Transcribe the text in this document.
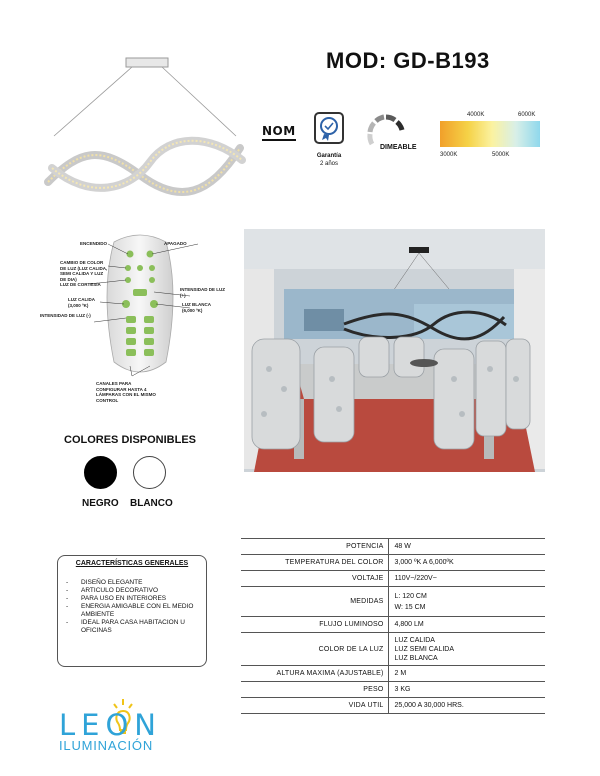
MOD: GD-B193
NOM
Garantía
2 años
DIMEABLE
4000K	6000K
3000K	5000K
ENCENDIDO	APAGADO
CAMBIO DE COLOR DE LUZ (LUZ CALIDA, SEMI CALIDA Y LUZ DE DIA)
LUZ DE CORTESÍA
INTENSIDAD DE LUZ (+)
LUZ CALIDA (3,000 ºK)	LUZ BLANCA (6,000 ºK)
INTENSIDAD DE LUZ (-)
CANALES PARA CONFIGURAR HASTA 4 LÁMPARAS CON EL MISMO CONTROL
COLORES DISPONIBLES
NEGRO BLANCO
CARACTERÍSTICAS GENERALES
- DISEÑO ELEGANTE
- ARTICULO DECORATIVO
- PARA USO EN INTERIORES
- ENERGIA AMIGABLE CON EL MEDIO AMBIENTE
- IDEAL PARA CASA HABITACION U OFICINAS
POTENCIA	48 W
TEMPERATURA DEL COLOR	3,000 ºK A 6,000ºK
VOLTAJE	110V~/220V~
MEDIDAS	L: 120 CM
W: 15 CM

FLUJO LUMINOSO	4,800 LM
COLOR DE LA LUZ	LUZ CALIDA
LUZ SEMI CALIDA
LUZ BLANCA

ALTURA MAXIMA (AJUSTABLE)	2 M
PESO	3 KG
VIDA UTIL	25,000 A 30,000 HRS.
LEON
ILUMINACIÓN
